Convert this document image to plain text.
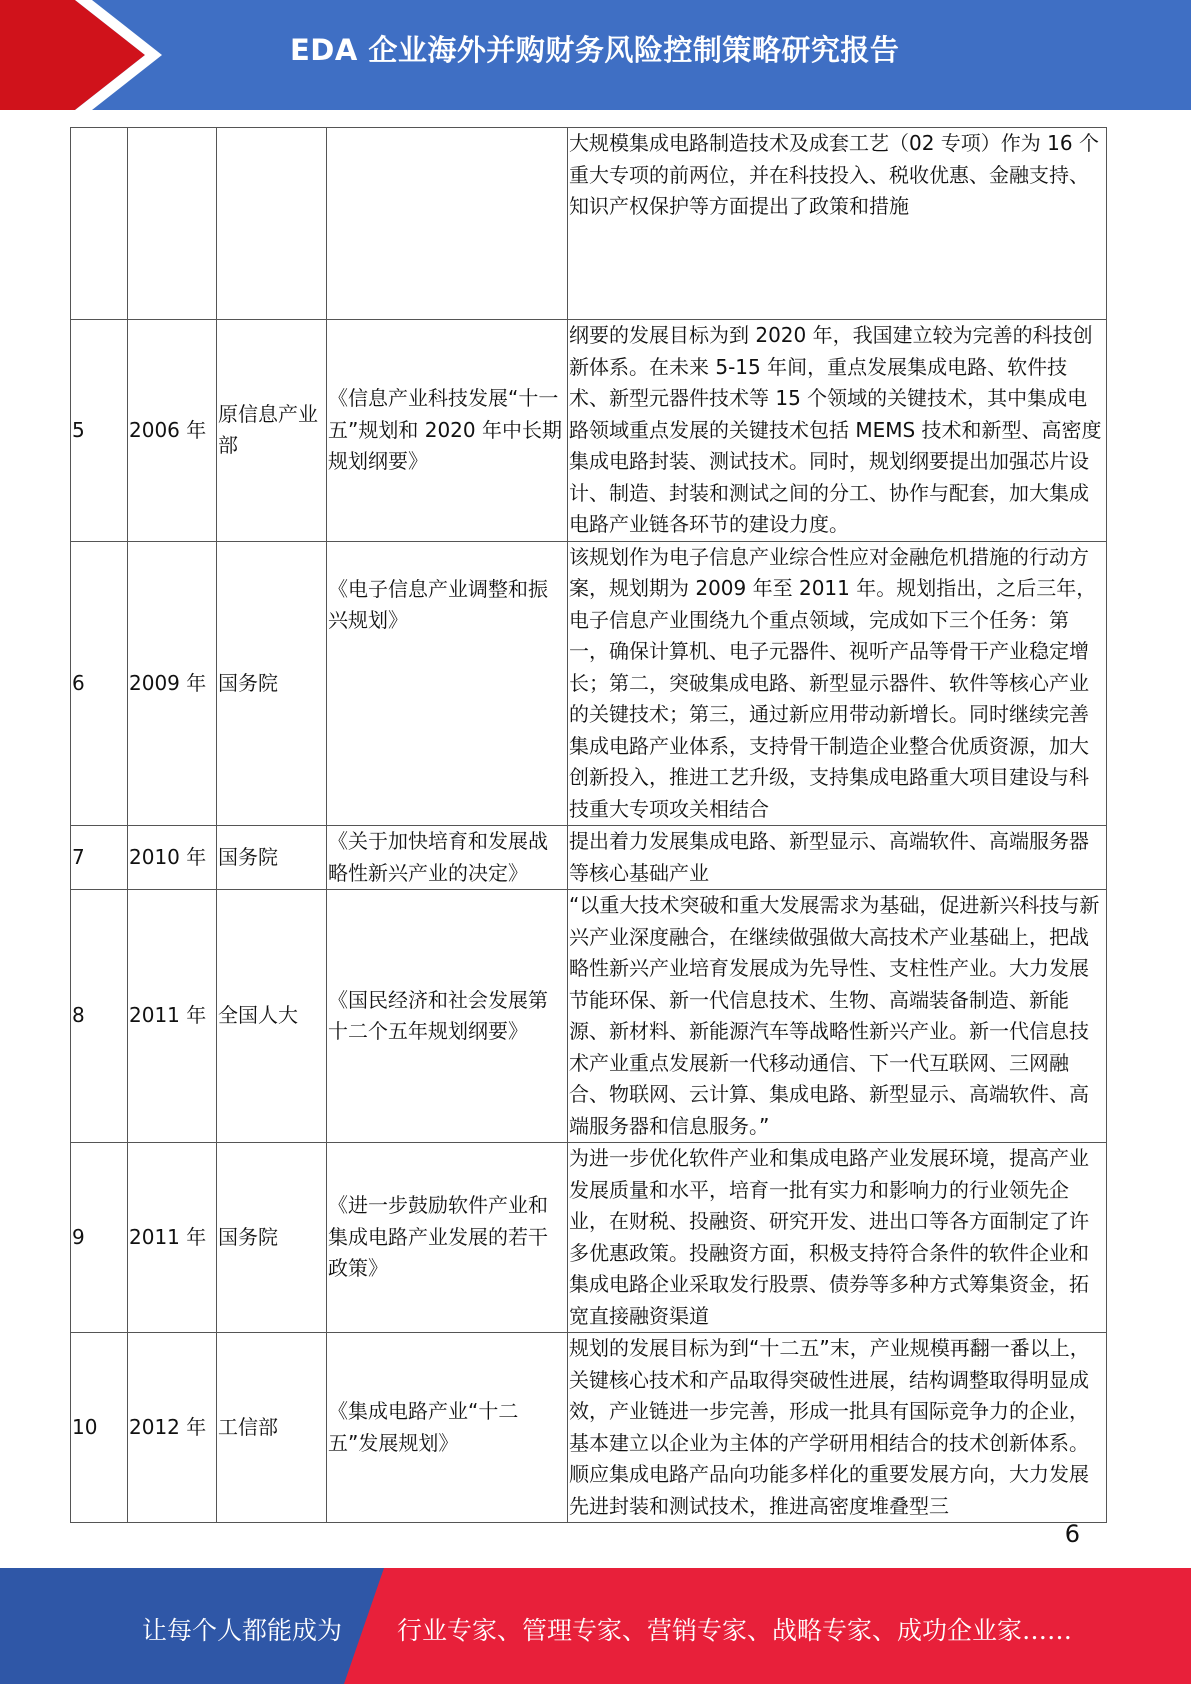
EDA 企业海外并购财务风险控制策略研究报告
				大规模集成电路制造技术及成套工艺（02 专项）作为 16 个重大专项的前两位，并在科技投入、税收优惠、金融支持、知识产权保护等方面提出了政策和措施
5	2006 年	原信息产业部	《信息产业科技发展“十一五”规划和 2020 年中长期规划纲要》	纲要的发展目标为到 2020 年，我国建立较为完善的科技创新体系。在未来 5-15 年间，重点发展集成电路、软件技术、新型元器件技术等 15 个领域的关键技术，其中集成电路领域重点发展的关键技术包括 MEMS 技术和新型、高密度集成电路封装、测试技术。同时，规划纲要提出加强芯片设计、制造、封装和测试之间的分工、协作与配套，加大集成电路产业链各环节的建设力度。
6	2009 年	国务院	《电子信息产业调整和振兴规划》	该规划作为电子信息产业综合性应对金融危机措施的行动方案，规划期为 2009 年至 2011 年。规划指出，之后三年，电子信息产业围绕九个重点领域，完成如下三个任务：第一，确保计算机、电子元器件、视听产品等骨干产业稳定增长；第二，突破集成电路、新型显示器件、软件等核心产业的关键技术；第三，通过新应用带动新增长。同时继续完善集成电路产业体系，支持骨干制造企业整合优质资源，加大创新投入，推进工艺升级，支持集成电路重大项目建设与科技重大专项攻关相结合
7	2010 年	国务院	《关于加快培育和发展战略性新兴产业的决定》	提出着力发展集成电路、新型显示、高端软件、高端服务器等核心基础产业
8	2011 年	全国人大	《国民经济和社会发展第十二个五年规划纲要》	“以重大技术突破和重大发展需求为基础，促进新兴科技与新兴产业深度融合，在继续做强做大高技术产业基础上，把战略性新兴产业培育发展成为先导性、支柱性产业。大力发展节能环保、新一代信息技术、生物、高端装备制造、新能源、新材料、新能源汽车等战略性新兴产业。新一代信息技术产业重点发展新一代移动通信、下一代互联网、三网融合、物联网、云计算、集成电路、新型显示、高端软件、高端服务器和信息服务。”
9	2011 年	国务院	《进一步鼓励软件产业和集成电路产业发展的若干政策》	为进一步优化软件产业和集成电路产业发展环境，提高产业发展质量和水平，培育一批有实力和影响力的行业领先企业，在财税、投融资、研究开发、进出口等各方面制定了许多优惠政策。投融资方面，积极支持符合条件的软件企业和集成电路企业采取发行股票、债券等多种方式筹集资金，拓宽直接融资渠道
10	2012 年	工信部	《集成电路产业“十二五”发展规划》	规划的发展目标为到“十二五”末，产业规模再翻一番以上，关键核心技术和产品取得突破性进展，结构调整取得明显成效，产业链进一步完善，形成一批具有国际竞争力的企业，基本建立以企业为主体的产学研用相结合的技术创新体系。顺应集成电路产品向功能多样化的重要发展方向，大力发展先进封装和测试技术，推进高密度堆叠型三
6
让每个人都能成为 行业专家、管理专家、营销专家、战略专家、成功企业家……
